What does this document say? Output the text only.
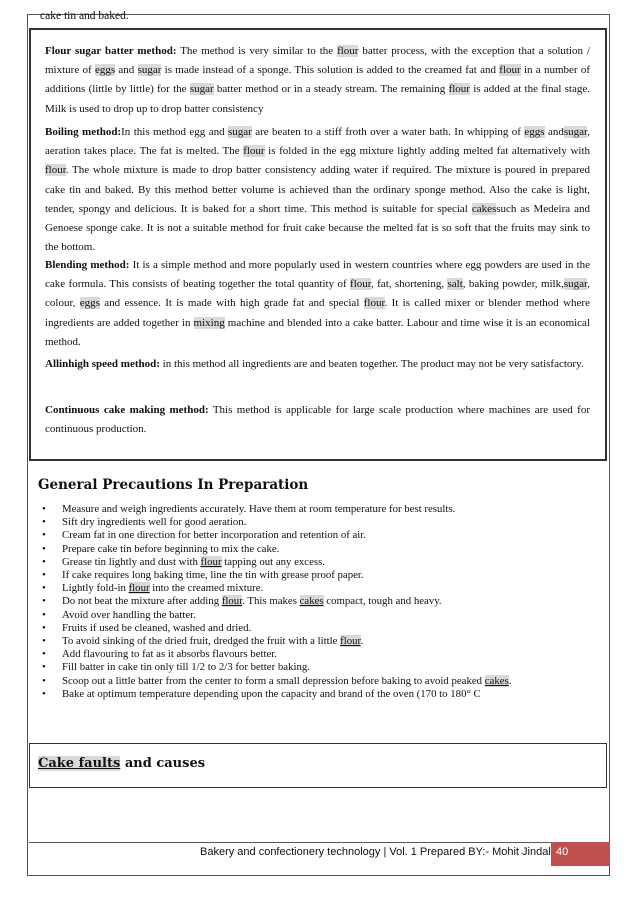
cake tin and baked.

Flour sugar batter method: The method is very similar to the flour batter process, with the exception that a solution / mixture of eggs and sugar is made instead of a sponge. This solution is added to the creamed fat and flour in a number of additions (little by little) for the sugar batter method or in a steady stream. The remaining flour is added at the final stage. Milk is used to drop up to drop batter consistency

Boiling method:In this method egg and sugar are beaten to a stiff froth over a water bath. In whipping of eggs andsugar, aeration takes place. The fat is melted. The flour is folded in the egg mixture lightly adding melted fat alternatively with flour. The whole mixture is made to drop batter consistency adding water if required. The mixture is poured in prepared cake tin and baked. By this method better volume is achieved than the ordinary sponge method. Also the cake is light, tender, spongy and delicious. It is baked for a short time. This method is suitable for special cakessuch as Medeira and Genoese sponge cake. It is not a suitable method for fruit cake because the melted fat is so soft that the fruits may sink to the bottom.

Blending method: It is a simple method and more popularly used in western countries where egg powders are used in the cake formula. This consists of beating together the total quantity of flour, fat, shortening, salt, baking powder, milk,sugar, colour, eggs and essence. It is made with high grade fat and special flour. It is called mixer or blender method where ingredients are added together in mixing machine and blended into a cake batter. Labour and time wise it is an economical method.

Allinhigh speed method: in this method all ingredients are and beaten together. The product may not be very satisfactory.

Continuous cake making method: This method is applicable for large scale production where machines are used for continuous production.

General Precautions In Preparation
• Measure and weigh ingredients accurately. Have them at room temperature for best results.
• Sift dry ingredients well for good aeration.
• Cream fat in one direction for better incorporation and retention of air.
• Prepare cake tin before beginning to mix the cake.
• Grease tin lightly and dust with flour tapping out any excess.
• If cake requires long baking time, line the tin with grease proof paper.
• Lightly fold-in flour into the creamed mixture.
• Do not beat the mixture after adding flour. This makes cakes compact, tough and heavy.
• Avoid over handling the batter.
• Fruits if used be cleaned, washed and dried.
• To avoid sinking of the dried fruit, dredged the fruit with a little flour.
• Add flavouring to fat as it absorbs flavours better.
• Fill batter in cake tin only till 1/2 to 2/3 for better baking.
• Scoop out a little batter from the center to form a small depression before baking to avoid peaked cakes.
• Bake at optimum temperature depending upon the capacity and brand of the oven (170 to 180° C
Cake faults and causes
Bakery and confectionery technology | Vol. 1 Prepared BY:- Mohit Jindal 40
